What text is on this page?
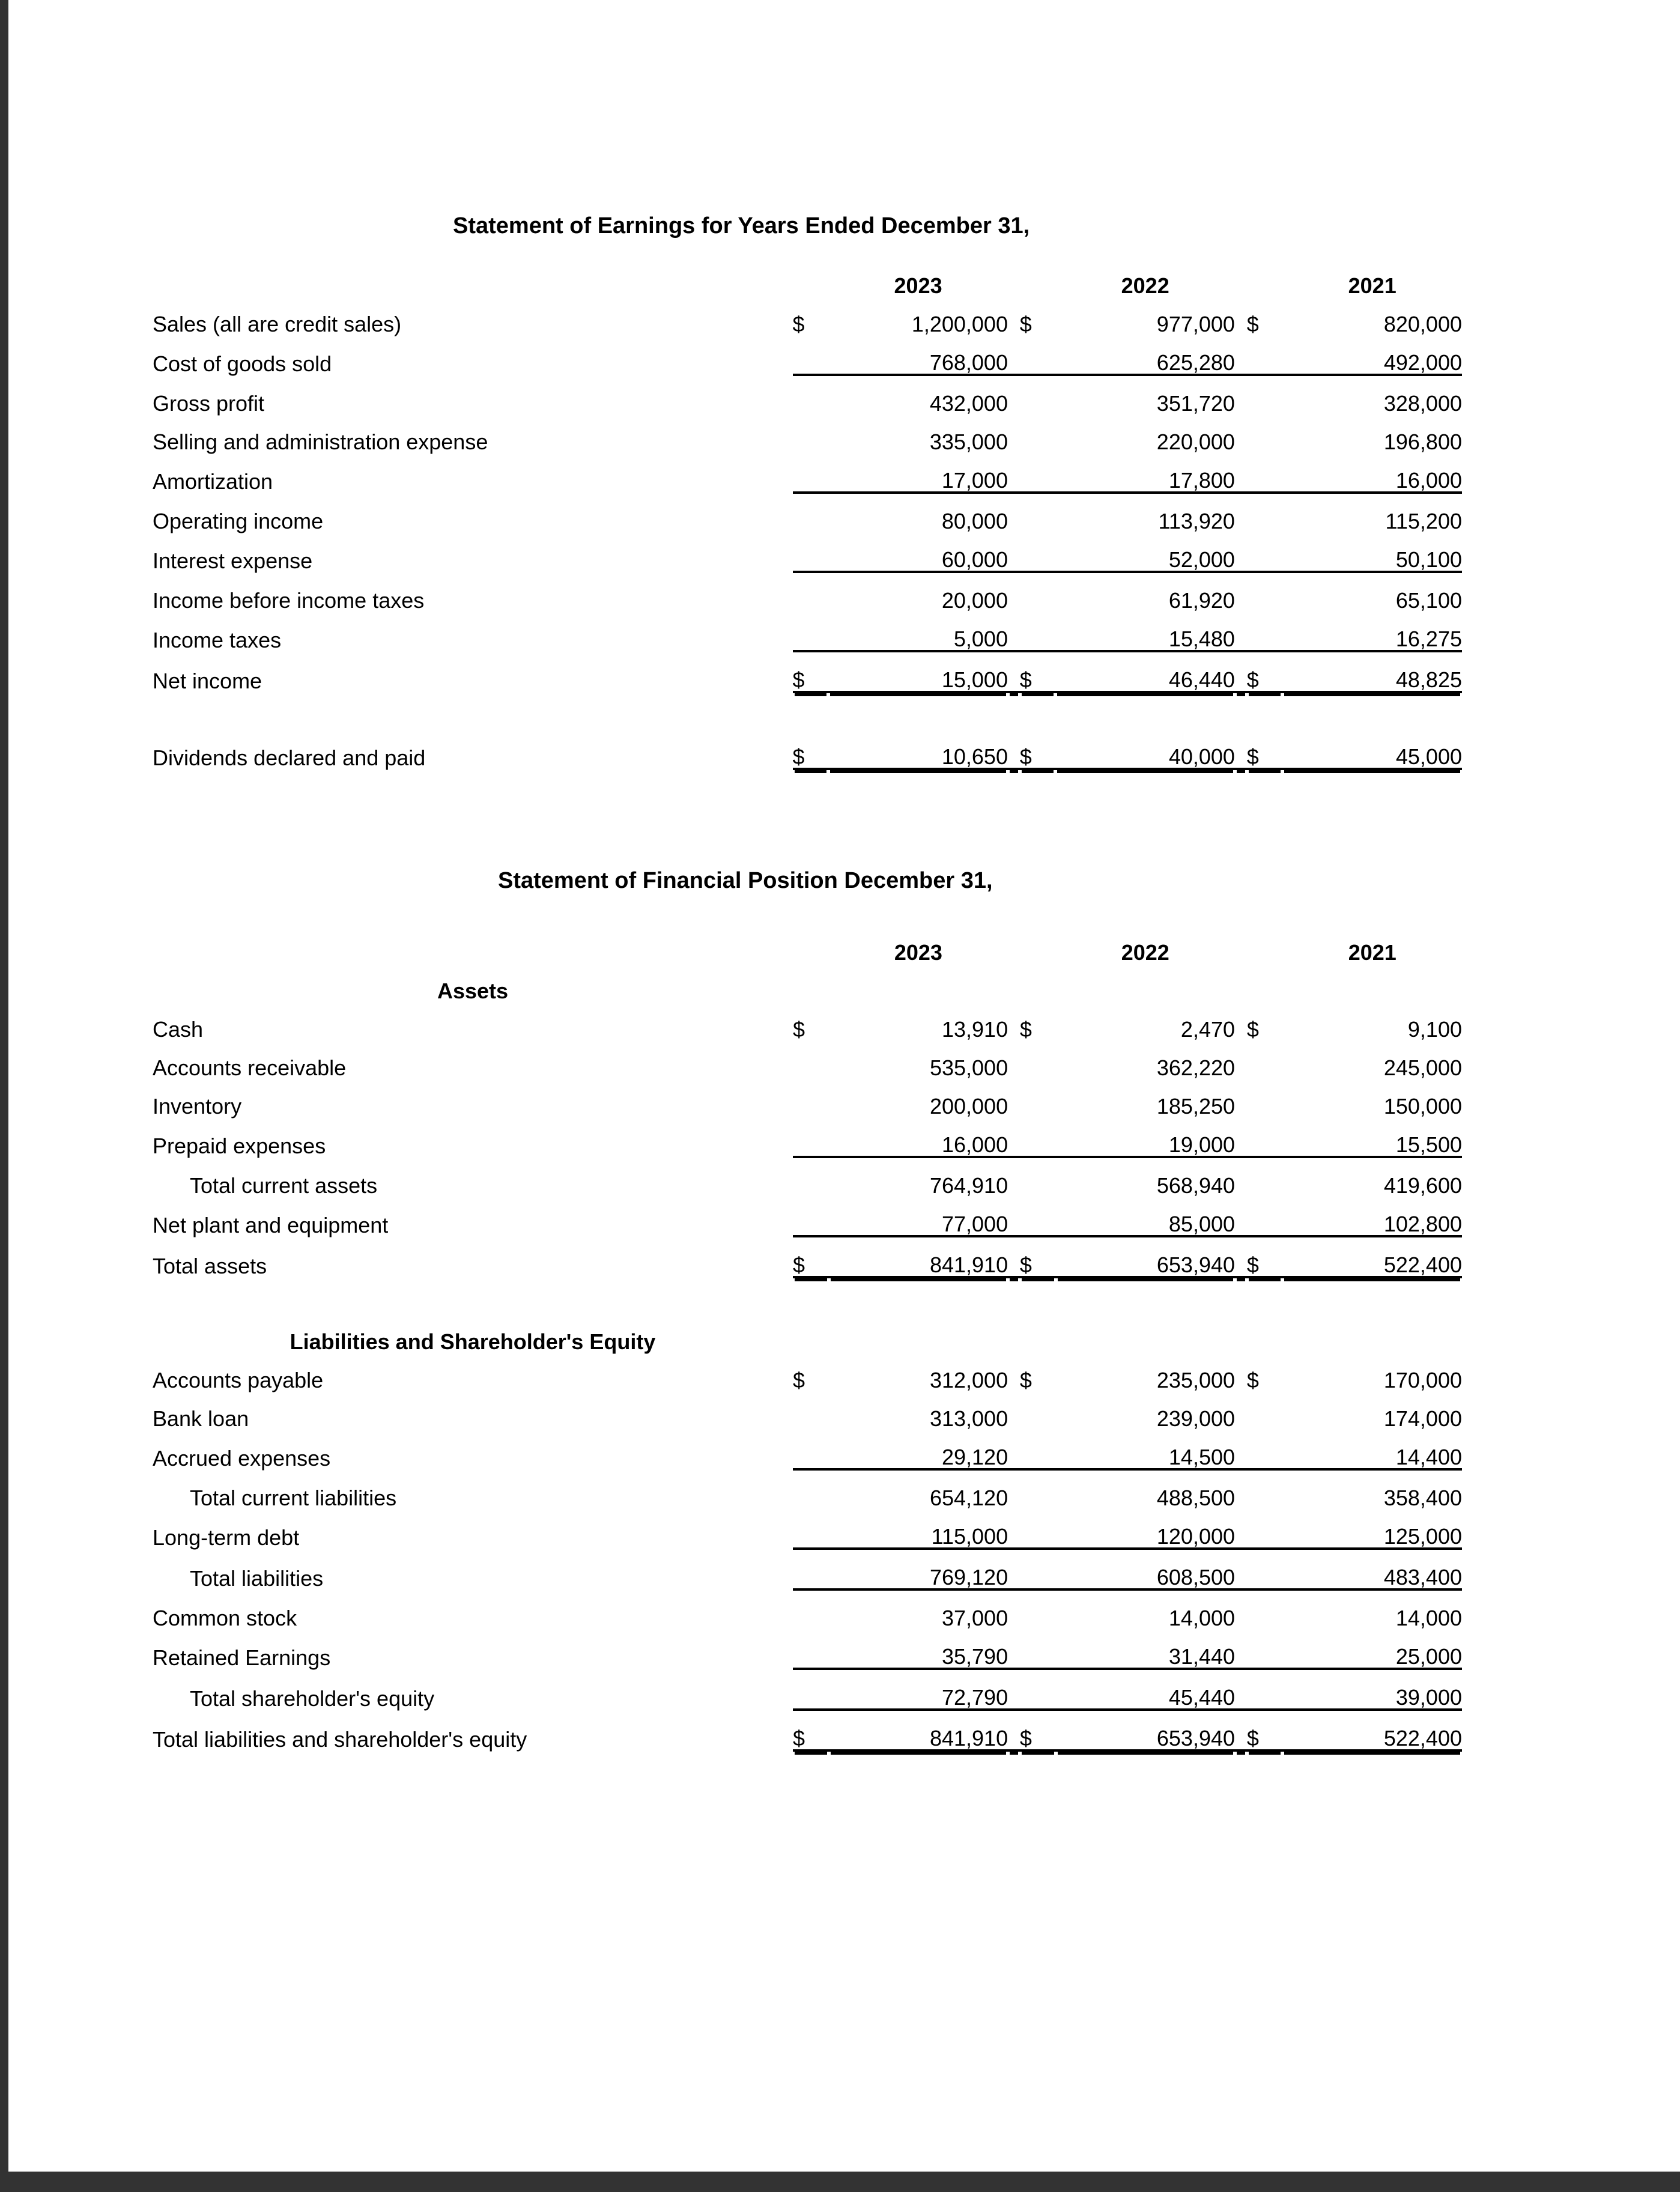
Statement of Earnings for Years Ended December 31,
		2023			2022			2021
Sales (all are credit sales)	$	1,200,000		$	977,000		$	820,000
Cost of goods sold		768,000			625,280			492,000
Gross profit		432,000			351,720			328,000
Selling and administration expense		335,000			220,000			196,800
Amortization		17,000			17,800			16,000
Operating income		80,000			113,920			115,200
Interest expense		60,000			52,000			50,100
Income before income taxes		20,000			61,920			65,100
Income taxes		5,000			15,480			16,275
Net income	$	15,000		$	46,440		$	48,825

Dividends declared and paid	$	10,650		$	40,000		$	45,000
Statement of Financial Position December 31,
		2023			2022			2021
Assets								
Cash	$	13,910		$	2,470		$	9,100
Accounts receivable		535,000			362,220			245,000
Inventory		200,000			185,250			150,000
Prepaid expenses		16,000			19,000			15,500
Total current assets		764,910			568,940			419,600
Net plant and equipment		77,000			85,000			102,800
Total assets	$	841,910		$	653,940		$	522,400

Liabilities and Shareholder's Equity								
Accounts payable	$	312,000		$	235,000		$	170,000
Bank loan		313,000			239,000			174,000
Accrued expenses		29,120			14,500			14,400
Total current liabilities		654,120			488,500			358,400
Long-term debt		115,000			120,000			125,000
Total liabilities		769,120			608,500			483,400
Common stock		37,000			14,000			14,000
Retained Earnings		35,790			31,440			25,000
Total shareholder's equity		72,790			45,440			39,000
Total liabilities and shareholder's equity	$	841,910		$	653,940		$	522,400
